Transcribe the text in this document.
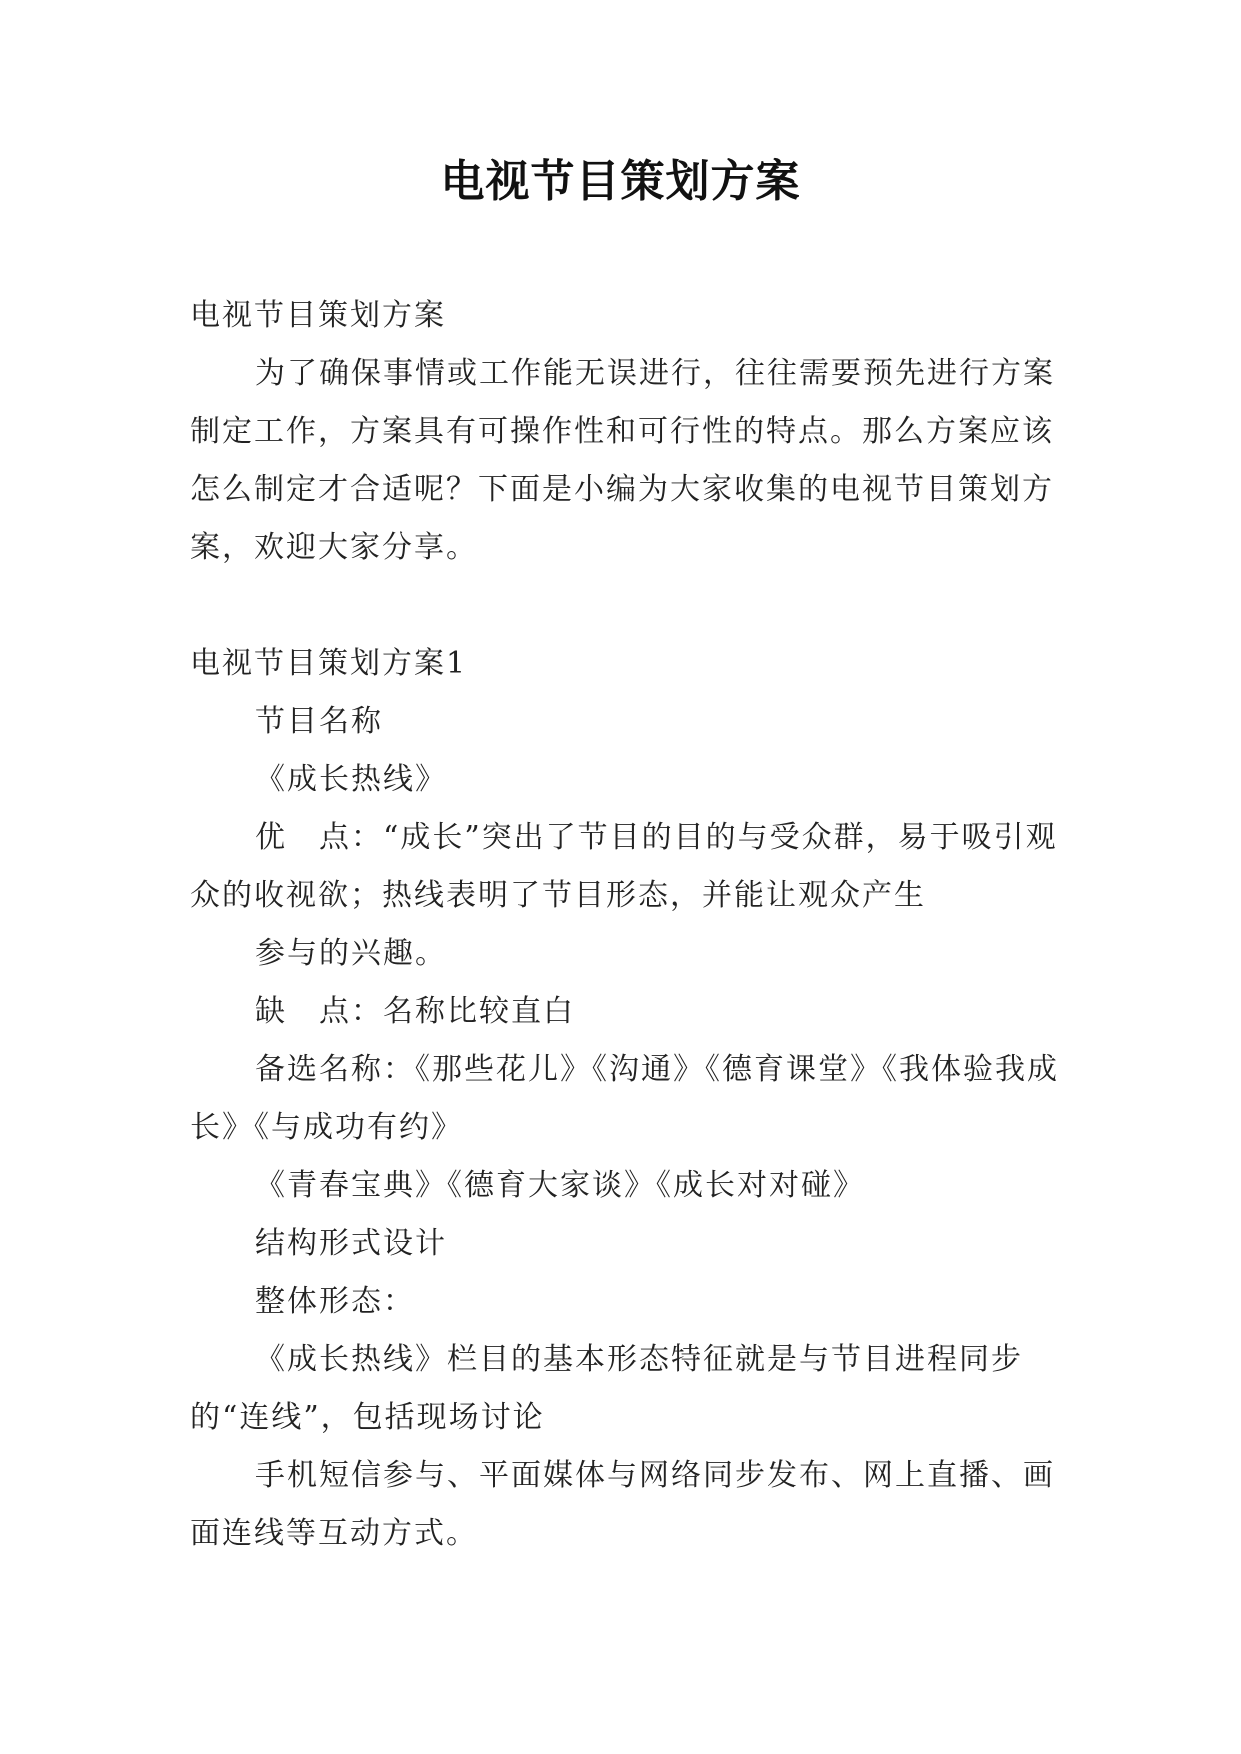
电视节目策划方案

电视节目策划方案

为了确保事情或工作能无误进行，往往需要预先进行方案制定工作，方案具有可操作性和可行性的特点。那么方案应该怎么制定才合适呢？下面是小编为大家收集的电视节目策划方案，欢迎大家分享。

电视节目策划方案1

节目名称

《成长热线》

优　点：“成长”突出了节目的目的与受众群，易于吸引观众的收视欲；热线表明了节目形态，并能让观众产生

参与的兴趣。

缺　点：名称比较直白

备选名称：《那些花儿》《沟通》《德育课堂》《我体验我成长》《与成功有约》

《青春宝典》《德育大家谈》《成长对对碰》

结构形式设计

整体形态：

《成长热线》栏目的基本形态特征就是与节目进程同步的“连线”，包括现场讨论

手机短信参与、平面媒体与网络同步发布、网上直播、画面连线等互动方式。
